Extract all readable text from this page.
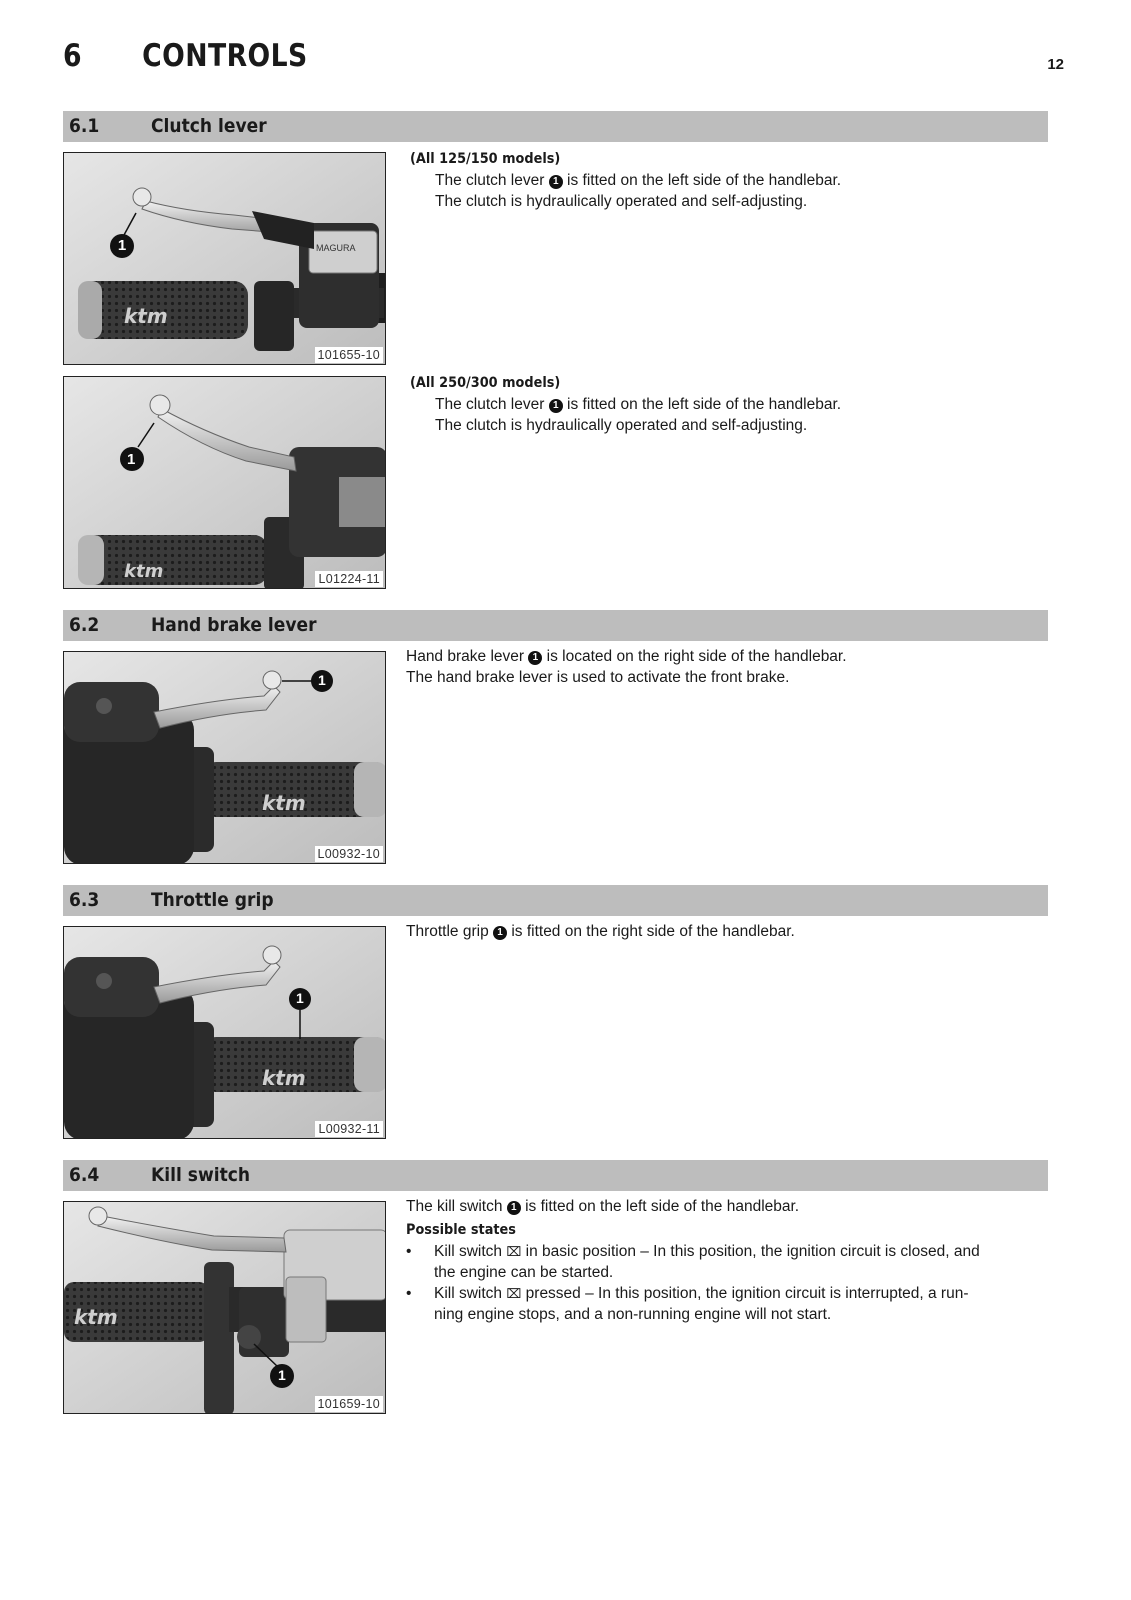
6 CONTROLS	12
6.1	Clutch lever
MAGURA
ktm
1
101655-10
(All 125/150 models)
The clutch lever 1 is fitted on the left side of the handlebar.
The clutch is hydraulically operated and self-adjusting.
ktm
1
L01224-11
(All 250/300 models)
The clutch lever 1 is fitted on the left side of the handlebar.
The clutch is hydraulically operated and self-adjusting.
6.2	Hand brake lever
ktm
1
L00932-10
Hand brake lever 1 is located on the right side of the handlebar.
The hand brake lever is used to activate the front brake.
6.3	Throttle grip
ktm
1
L00932-11
Throttle grip 1 is fitted on the right side of the handlebar.
6.4	Kill switch
ktm
1
101659-10
The kill switch 1 is fitted on the left side of the handlebar.
Possible states
• Kill switch ⌧ in basic position – In this position, the ignition circuit is closed, and
the engine can be started.
• Kill switch ⌧ pressed – In this position, the ignition circuit is interrupted, a run-
ning engine stops, and a non-running engine will not start.
